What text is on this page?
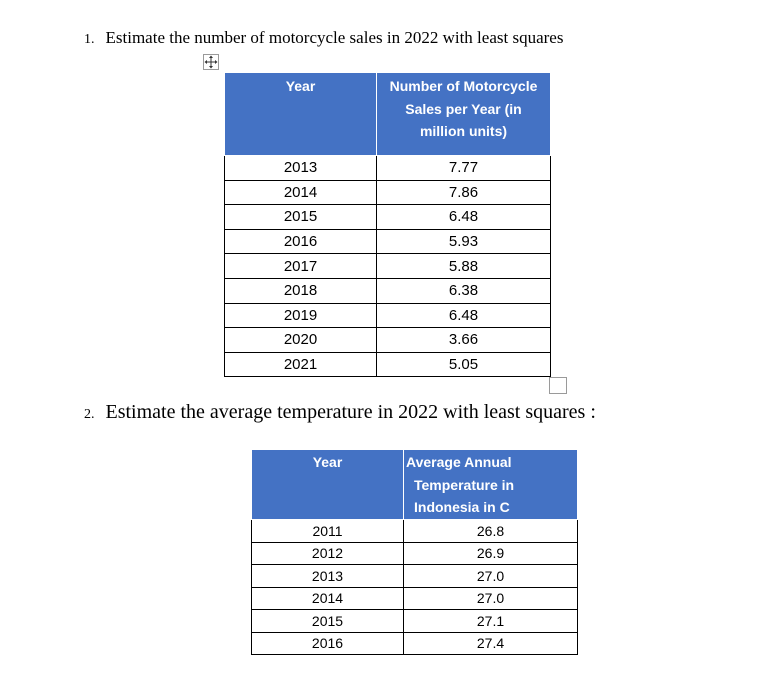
1. Estimate the number of motorcycle sales in 2022 with least squares
Year	Number of Motorcycle
Sales per Year (in
million units)

2013	7.77
2014	7.86
2015	6.48
2016	5.93
2017	5.88
2018	6.38
2019	6.48
2020	3.66
2021	5.05
2. Estimate the average temperature in 2022 with least squares :
Year	Average Annual
Temperature in
Indonesia in C

2011	26.8
2012	26.9
2013	27.0
2014	27.0
2015	27.1
2016	27.4
